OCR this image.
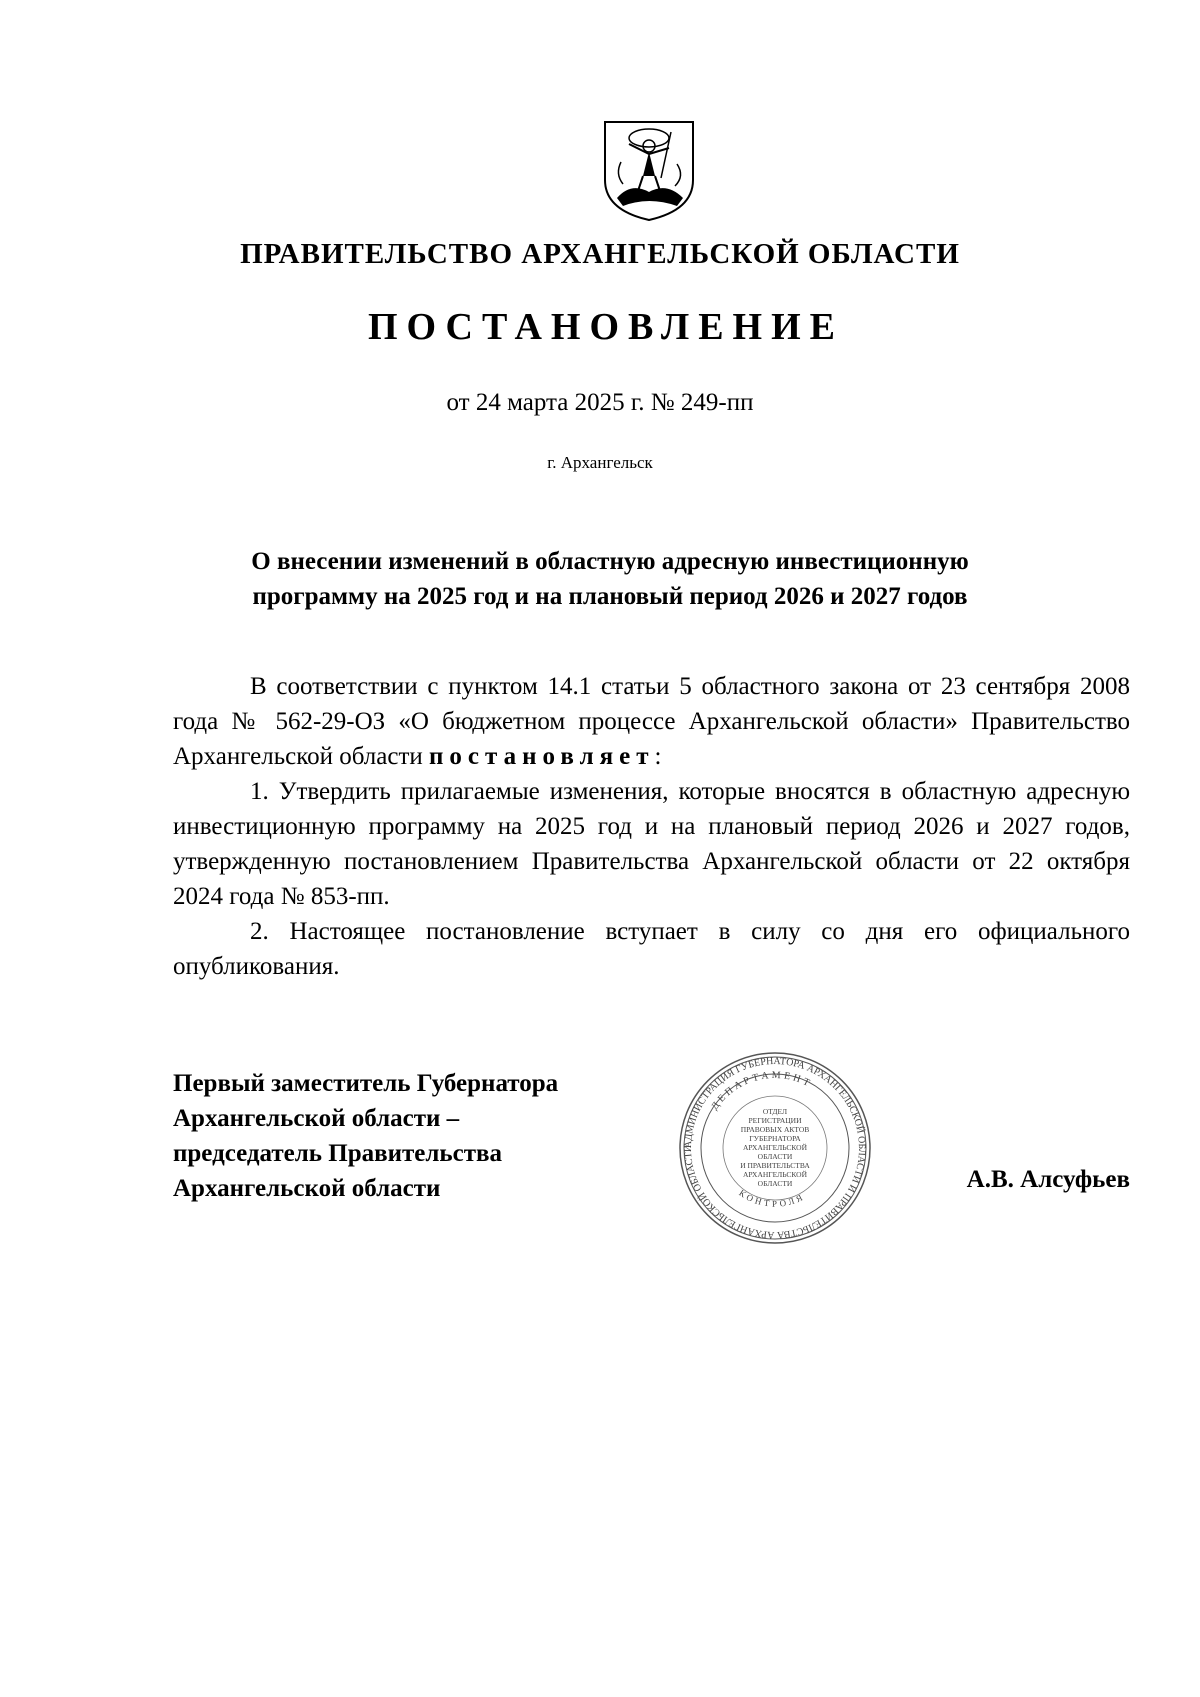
ПРАВИТЕЛЬСТВО АРХАНГЕЛЬСКОЙ ОБЛАСТИ
ПОСТАНОВЛЕНИЕ
от 24 марта 2025 г. № 249-пп
г. Архангельск
О внесении изменений в областную адресную инвестиционную
программу на 2025 год и на плановый период 2026 и 2027 годов

В соответствии с пунктом 14.1 статьи 5 областного закона от 23 сентября 2008 года № 562-29-ОЗ «О бюджетном процессе Архангельской области» Правительство Архангельской области постановляет:

1. Утвердить прилагаемые изменения, которые вносятся в областную адресную инвестиционную программу на 2025 год и на плановый период 2026 и 2027 годов, утвержденную постановлением Правительства Архангельской области от 22 октября 2024 года № 853-пп.

2. Настоящее постановление вступает в силу со дня его официального опубликования.

Первый заместитель Губернатора
Архангельской области –
председатель Правительства
Архангельской области	А.В. Алсуфьев
АДМИНИСТРАЦИЯ ГУБЕРНАТОРА АРХАНГЕЛЬСКОЙ ОБЛАСТИ И ПРАВИТЕЛЬСТВА АРХАНГЕЛЬСКОЙ ОБЛАСТИ
ДЕПАРТАМЕНТ
КОНТРОЛЯ
ОТДЕЛ
РЕГИСТРАЦИИ
ПРАВОВЫХ АКТОВ
ГУБЕРНАТОРА
АРХАНГЕЛЬСКОЙ
ОБЛАСТИ
И ПРАВИТЕЛЬСТВА
АРХАНГЕЛЬСКОЙ
ОБЛАСТИ
